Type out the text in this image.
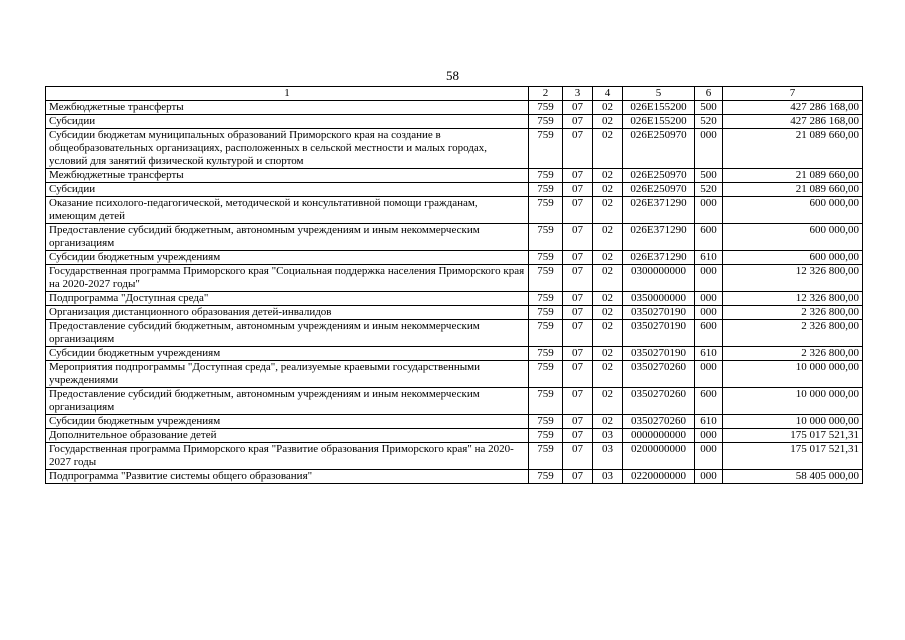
58
1	2	3	4	5	6	7
Межбюджетные трансферты	759	07	02	026E155200	500	427 286 168,00
Субсидии	759	07	02	026E155200	520	427 286 168,00
Субсидии бюджетам муниципальных образований Приморского края на создание в общеобразовательных организациях, расположенных в сельской местности и малых городах, условий для занятий физической культурой и спортом	759	07	02	026E250970	000	21 089 660,00
Межбюджетные трансферты	759	07	02	026E250970	500	21 089 660,00
Субсидии	759	07	02	026E250970	520	21 089 660,00
Оказание психолого-педагогической, методической и консультативной помощи гражданам, имеющим детей	759	07	02	026E371290	000	600 000,00
Предоставление субсидий бюджетным, автономным учреждениям и иным некоммерческим организациям	759	07	02	026E371290	600	600 000,00
Субсидии бюджетным учреждениям	759	07	02	026E371290	610	600 000,00
Государственная программа Приморского края "Социальная поддержка населения Приморского края на 2020-2027 годы"	759	07	02	0300000000	000	12 326 800,00
Подпрограмма "Доступная среда"	759	07	02	0350000000	000	12 326 800,00
Организация дистанционного образования детей-инвалидов	759	07	02	0350270190	000	2 326 800,00
Предоставление субсидий бюджетным, автономным учреждениям и иным некоммерческим организациям	759	07	02	0350270190	600	2 326 800,00
Субсидии бюджетным учреждениям	759	07	02	0350270190	610	2 326 800,00
Мероприятия подпрограммы "Доступная среда", реализуемые краевыми государственными учреждениями	759	07	02	0350270260	000	10 000 000,00
Предоставление субсидий бюджетным, автономным учреждениям и иным некоммерческим организациям	759	07	02	0350270260	600	10 000 000,00
Субсидии бюджетным учреждениям	759	07	02	0350270260	610	10 000 000,00
Дополнительное образование детей	759	07	03	0000000000	000	175 017 521,31
Государственная программа Приморского края "Развитие образования Приморского края" на 2020-2027 годы	759	07	03	0200000000	000	175 017 521,31
Подпрограмма "Развитие системы общего образования"	759	07	03	0220000000	000	58 405 000,00
